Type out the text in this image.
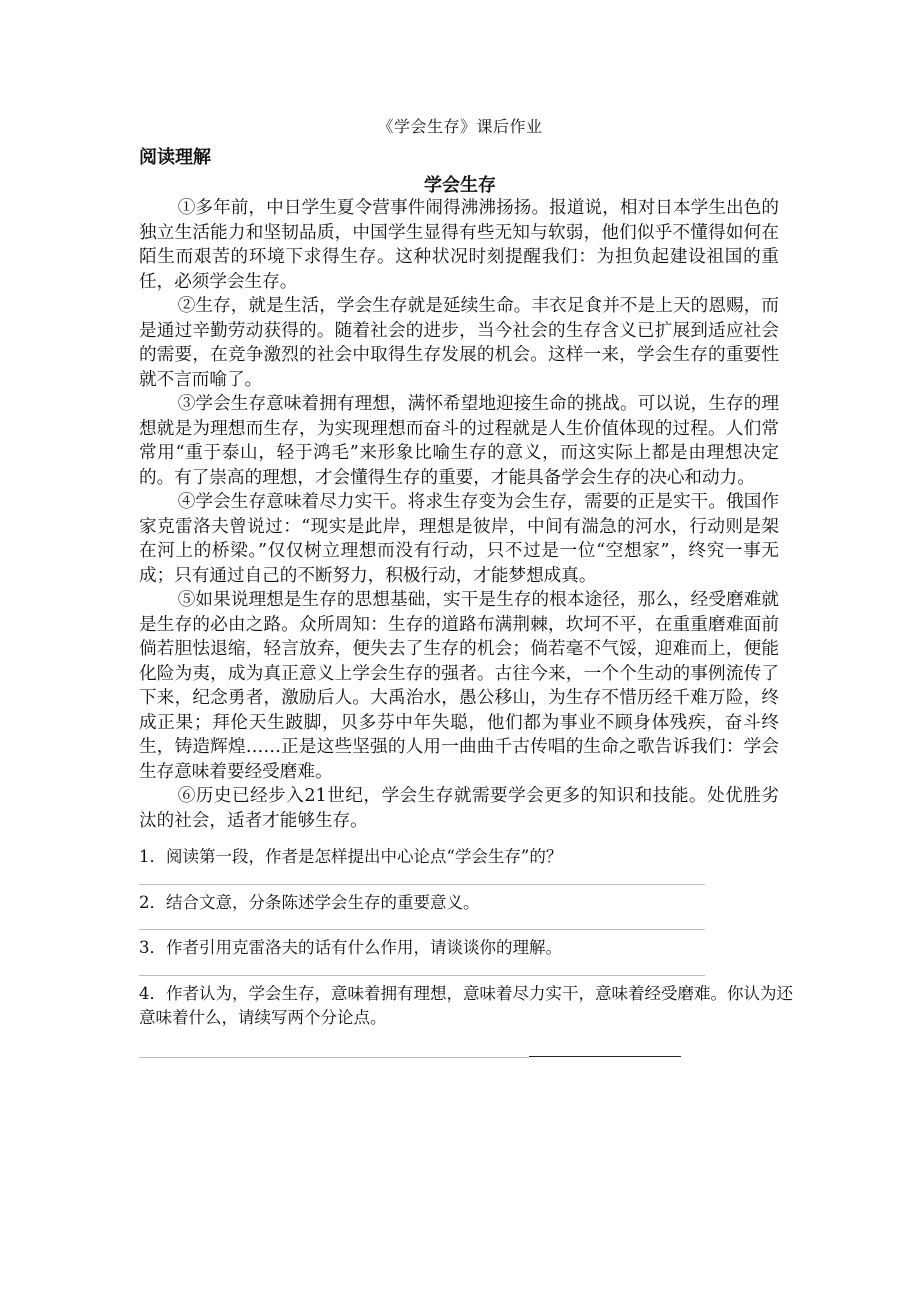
《学会生存》课后作业
阅读理解
学会生存

①多年前，中日学生夏令营事件闹得沸沸扬扬。报道说，相对日本学生出色的独立生活能力和坚韧品质，中国学生显得有些无知与软弱，他们似乎不懂得如何在陌生而艰苦的环境下求得生存。这种状况时刻提醒我们：为担负起建设祖国的重任，必须学会生存。

②生存，就是生活，学会生存就是延续生命。丰衣足食并不是上天的恩赐，而是通过辛勤劳动获得的。随着社会的进步，当今社会的生存含义已扩展到适应社会的需要，在竞争激烈的社会中取得生存发展的机会。这样一来，学会生存的重要性就不言而喻了。

③学会生存意味着拥有理想，满怀希望地迎接生命的挑战。可以说，生存的理想就是为理想而生存，为实现理想而奋斗的过程就是人生价值体现的过程。人们常常用“重于泰山，轻于鸿毛”来形象比喻生存的意义，而这实际上都是由理想决定的。有了崇高的理想，才会懂得生存的重要，才能具备学会生存的决心和动力。

④学会生存意味着尽力实干。将求生存变为会生存，需要的正是实干。俄国作家克雷洛夫曾说过：“现实是此岸，理想是彼岸，中间有湍急的河水，行动则是架在河上的桥梁。”仅仅树立理想而没有行动，只不过是一位“空想家”，终究一事无成；只有通过自己的不断努力，积极行动，才能梦想成真。

⑤如果说理想是生存的思想基础，实干是生存的根本途径，那么，经受磨难就是生存的必由之路。众所周知：生存的道路布满荆棘，坎坷不平，在重重磨难面前倘若胆怯退缩，轻言放弃，便失去了生存的机会；倘若毫不气馁，迎难而上，便能化险为夷，成为真正意义上学会生存的强者。古往今来，一个个生动的事例流传了下来，纪念勇者，激励后人。大禹治水，愚公移山，为生存不惜历经千难万险，终成正果；拜伦天生跛脚，贝多芬中年失聪，他们都为事业不顾身体残疾，奋斗终生，铸造辉煌……正是这些坚强的人用一曲曲千古传唱的生命之歌告诉我们：学会生存意味着要经受磨难。

⑥历史已经步入21世纪，学会生存就需要学会更多的知识和技能。处优胜劣汰的社会，适者才能够生存。

1．阅读第一段，作者是怎样提出中心论点“学会生存”的？

2．结合文意，分条陈述学会生存的重要意义。

3．作者引用克雷洛夫的话有什么作用，请谈谈你的理解。

4．作者认为，学会生存，意味着拥有理想，意味着尽力实干，意味着经受磨难。你认为还意味着什么，请续写两个分论点。
